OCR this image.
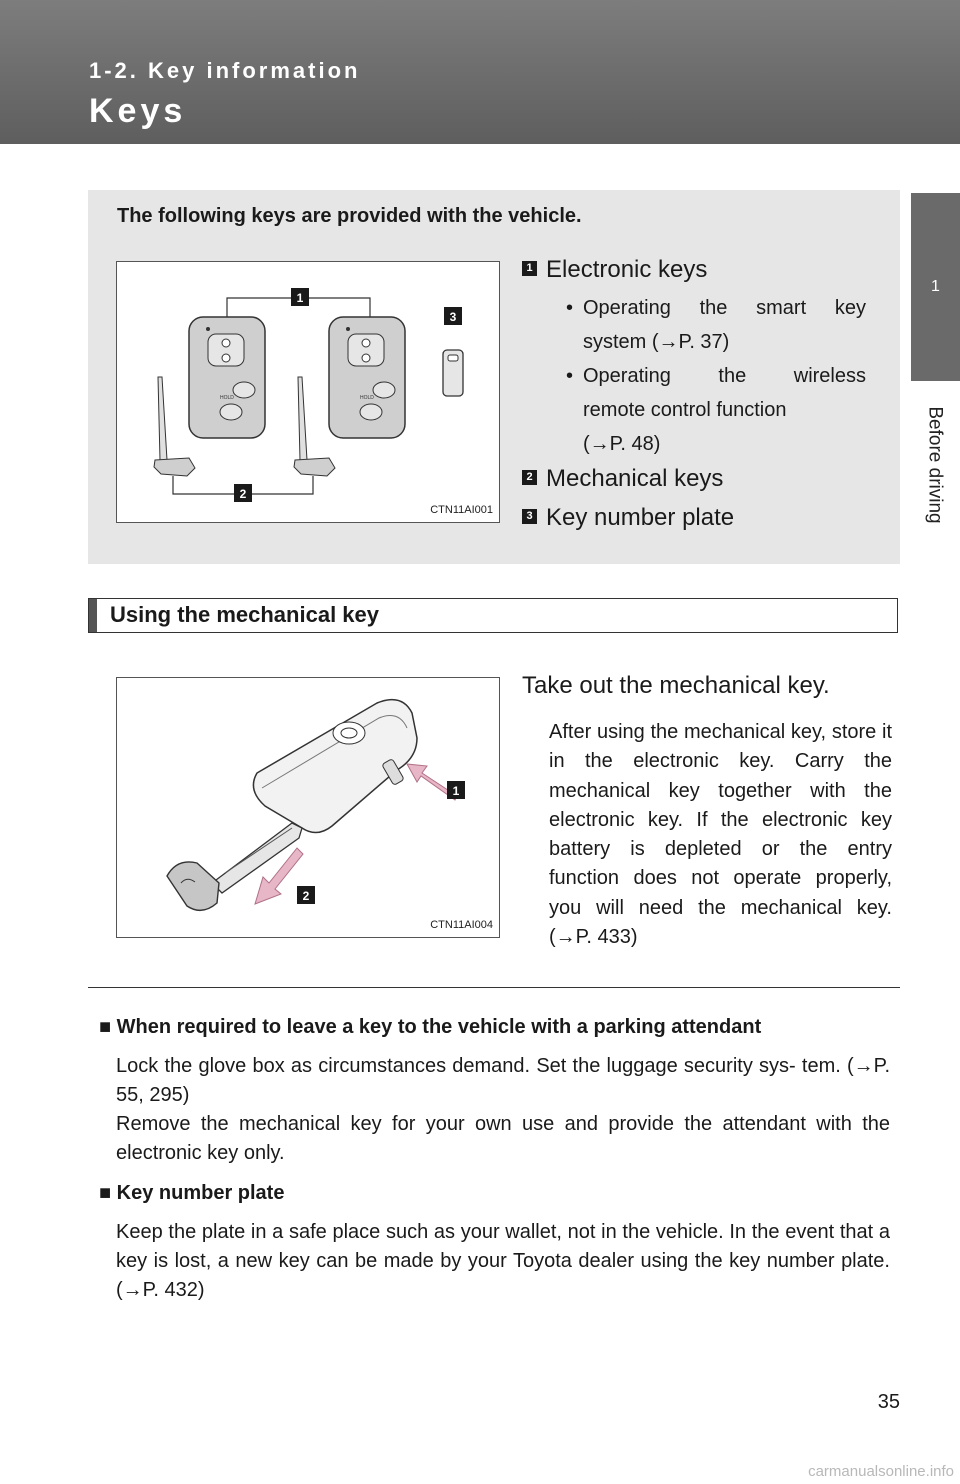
1-2. Key information
Keys
1
Before driving
The following keys are provided with the vehicle.
1
HOLD	HOLD
2
3
CTN11AI001
1 Electronic keys
• Operating the smart key
system (→P. 37)
• Operating the wireless
remote control function
(→P. 48)
2 Mechanical keys
3 Key number plate
Using the mechanical key
1
2
CTN11AI004
Take out the mechanical key.
After using the mechanical key, store it in the electronic key. Carry the mechanical key together with the electronic key. If the electronic key battery is depleted or the entry function does not operate properly, you will need the mechanical key. (→P. 433)
■ When required to leave a key to the vehicle with a parking attendant
Lock the glove box as circumstances demand. Set the luggage security sys- tem. (→P. 55, 295)
Remove the mechanical key for your own use and provide the attendant with the electronic key only.
■ Key number plate
Keep the plate in a safe place such as your wallet, not in the vehicle. In the event that a key is lost, a new key can be made by your Toyota dealer using the key number plate. (→P. 432)
35
carmanualsonline.info
